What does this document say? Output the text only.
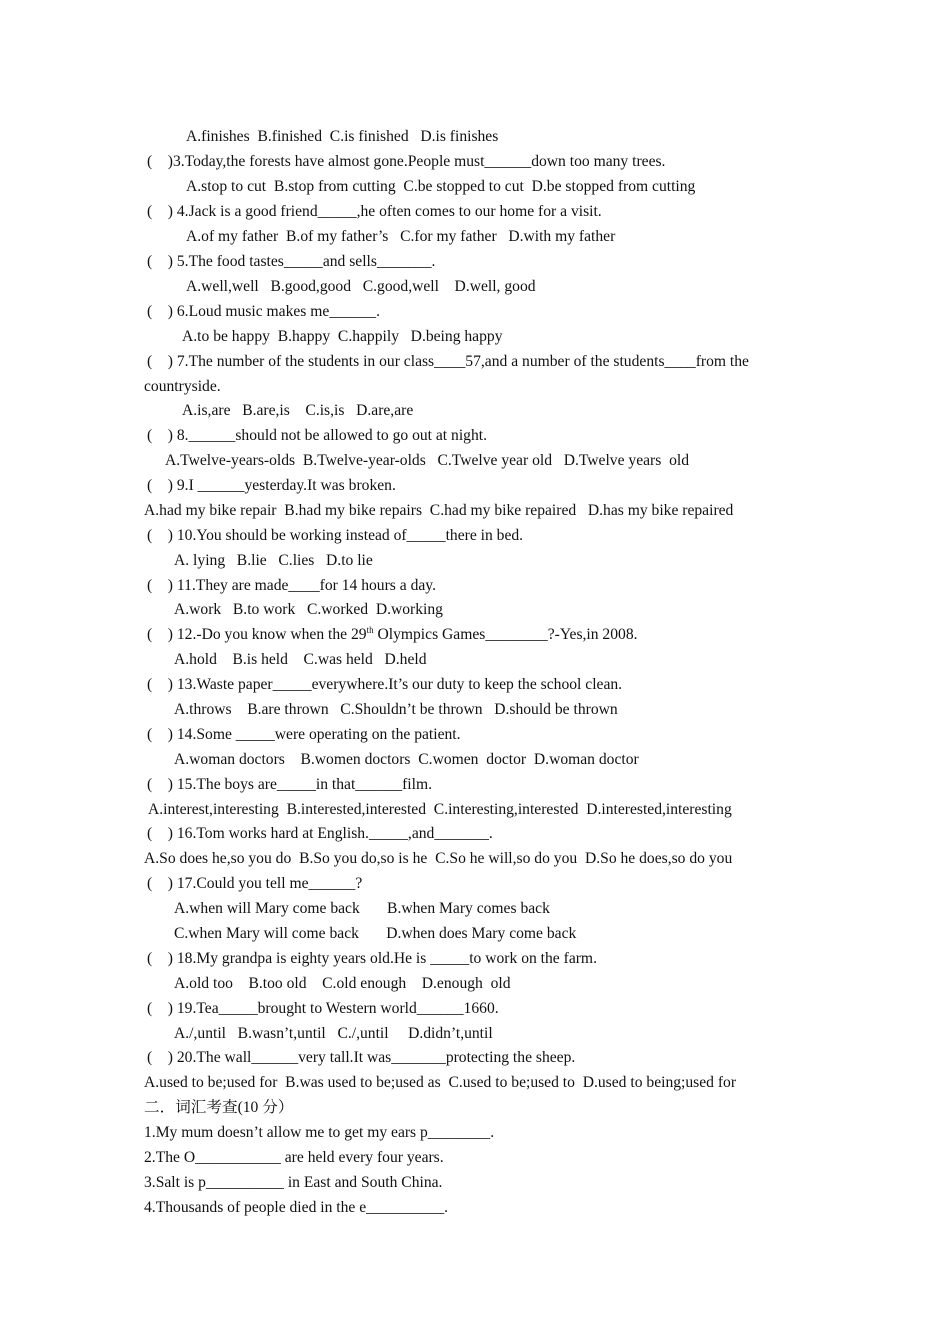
A.finishes  B.finished  C.is finished   D.is finishes
(    )3.Today,the forests have almost gone.People must______down too many trees.
A.stop to cut  B.stop from cutting  C.be stopped to cut  D.be stopped from cutting
(    ) 4.Jack is a good friend_____,he often comes to our home for a visit.
A.of my father  B.of my father’s   C.for my father   D.with my father
(    ) 5.The food tastes_____and sells_______.
A.well,well   B.good,good   C.good,well    D.well, good
(    ) 6.Loud music makes me______.
A.to be happy  B.happy  C.happily   D.being happy
(    ) 7.The number of the students in our class____57,and a number of the students____from the
countryside.
A.is,are   B.are,is    C.is,is   D.are,are
(    ) 8.______should not be allowed to go out at night.
A.Twelve-years-olds  B.Twelve-year-olds   C.Twelve year old   D.Twelve years  old
(    ) 9.I ______yesterday.It was broken.
A.had my bike repair  B.had my bike repairs  C.had my bike repaired   D.has my bike repaired
(    ) 10.You should be working instead of_____there in bed.
A. lying   B.lie   C.lies   D.to lie
(    ) 11.They are made____for 14 hours a day.
A.work   B.to work   C.worked  D.working
(    ) 12.-Do you know when the 29th Olympics Games________?-Yes,in 2008.
A.hold    B.is held    C.was held   D.held
(    ) 13.Waste paper_____everywhere.It’s our duty to keep the school clean.
A.throws    B.are thrown   C.Shouldn’t be thrown   D.should be thrown
(    ) 14.Some _____were operating on the patient.
A.woman doctors    B.women doctors  C.women  doctor  D.woman doctor
(    ) 15.The boys are_____in that______film.
A.interest,interesting  B.interested,interested  C.interesting,interested  D.interested,interesting
(    ) 16.Tom works hard at English._____,and_______.
A.So does he,so you do  B.So you do,so is he  C.So he will,so do you  D.So he does,so do you
(    ) 17.Could you tell me______?
A.when will Mary come back       B.when Mary comes back
C.when Mary will come back       D.when does Mary come back
(    ) 18.My grandpa is eighty years old.He is _____to work on the farm.
A.old too    B.too old    C.old enough    D.enough  old
(    ) 19.Tea_____brought to Western world______1660.
A./,until   B.wasn’t,until   C./,until     D.didn’t,until
(    ) 20.The wall______very tall.It was_______protecting the sheep.
A.used to be;used for  B.was used to be;used as  C.used to be;used to  D.used to being;used for
二．词汇考查(10 分）
1.My mum doesn’t allow me to get my ears p________.
2.The O___________ are held every four years.
3.Salt is p__________ in East and South China.
4.Thousands of people died in the e__________.
